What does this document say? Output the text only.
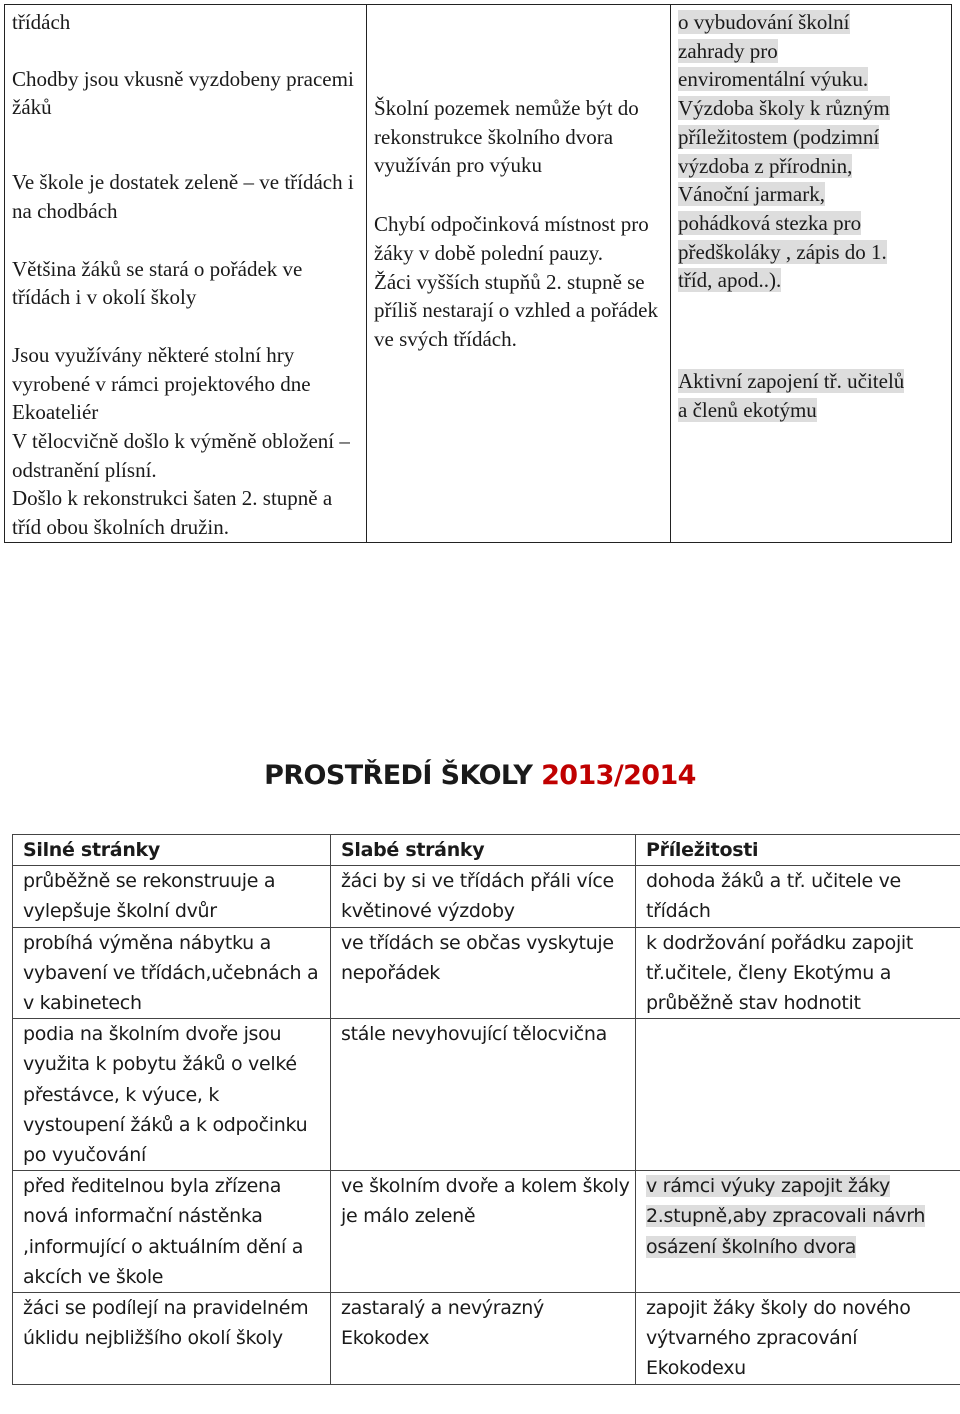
třídách
Chodby jsou vkusně vyzdobeny pracemi žáků
Ve škole je dostatek zeleně – ve třídách i na chodbách
Většina žáků se stará o pořádek ve třídách i v okolí školy
Jsou využívány některé stolní hry vyrobené v rámci projektového dne Ekoateliér
V tělocvičně došlo k výměně obložení – odstranění plísní.
Došlo k rekonstrukci šaten 2. stupně a tříd obou školních družin.

Školní pozemek nemůže být do rekonstrukce školního dvora využíván pro výuku
Chybí odpočinková místnost pro žáky v době polední pauzy.
Žáci vyšších stupňů 2. stupně se příliš nestarají o vzhled a pořádek ve svých třídách.

o vybudování školní
zahrady pro
enviromentální výuku.
Výzdoba školy k různým
příležitostem (podzimní
výzdoba z přírodnin,
Vánoční jarmark,
pohádková stezka pro
předškoláky , zápis do 1.
tříd, apod..).
Aktivní zapojení tř. učitelů
a členů ekotýmu
PROSTŘEDÍ ŠKOLY 2013/2014
Silné stránky	Slabé stránky	Příležitosti
průběžně se rekonstruuje a vylepšuje školní dvůr	žáci by si ve třídách přáli více květinové výzdoby	dohoda žáků a tř. učitele ve třídách
probíhá výměna nábytku a vybavení ve třídách,učebnách a v kabinetech	ve třídách se občas vyskytuje nepořádek	k dodržování pořádku zapojit tř.učitele, členy Ekotýmu a průběžně stav hodnotit
podia na školním dvoře jsou využita k pobytu žáků o velké přestávce, k výuce, k vystoupení žáků a k odpočinku po vyučování	stále nevyhovující tělocvična	
před ředitelnou byla zřízena nová informační nástěnka ,informující o aktuálním dění a akcích ve škole	ve školním dvoře a kolem školy je málo zeleně	v rámci výuky zapojit žáky 2.stupně,aby zpracovali návrh osázení školního dvora
žáci se podílejí na pravidelném úklidu nejbližšího okolí školy	zastaralý a nevýrazný Ekokodex	zapojit žáky školy do nového výtvarného zpracování Ekokodexu
